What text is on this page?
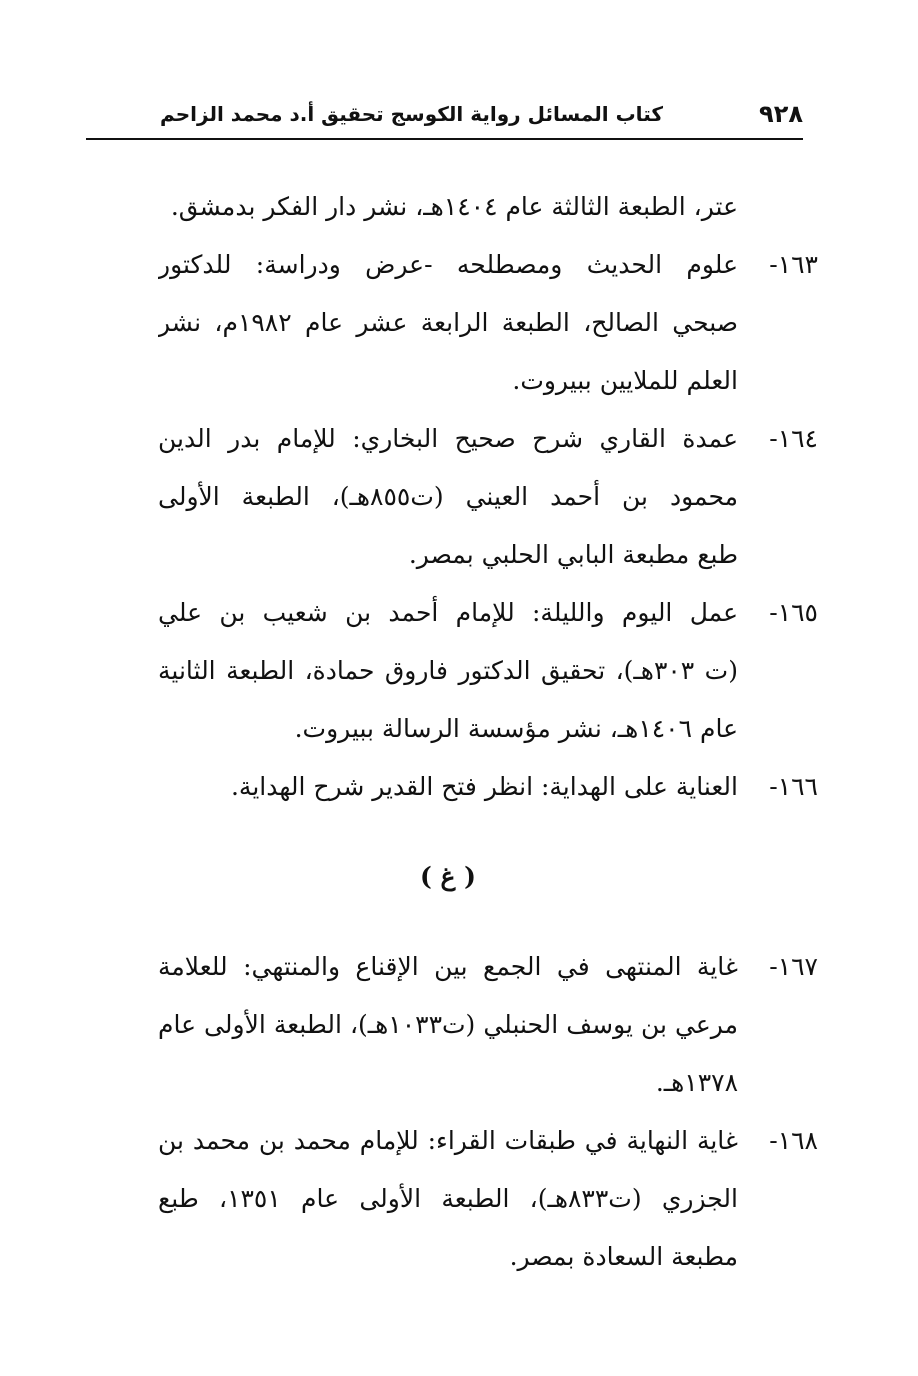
٩٢٨
كتاب المسائل رواية الكوسج تحقيق أ.د محمد الزاحم
عتر، الطبعة الثالثة عام ١٤٠٤هـ، نشر دار الفكر بدمشق.
١٦٣-
علوم الحديث ومصطلحه -عرض ودراسة: للدكتور
صبحي الصالح، الطبعة الرابعة عشر عام ١٩٨٢م، نشر
العلم للملايين ببيروت.
١٦٤-
عمدة القاري شرح صحيح البخاري: للإمام بدر الدين
محمود بن أحمد العيني (ت٨٥٥هـ)، الطبعة الأولى
طبع مطبعة البابي الحلبي بمصر.
١٦٥-
عمل اليوم والليلة: للإمام أحمد بن شعيب بن علي
(ت ٣٠٣هـ)، تحقيق الدكتور فاروق حمادة، الطبعة الثانية
عام ١٤٠٦هـ، نشر مؤسسة الرسالة ببيروت.
١٦٦-
العناية على الهداية: انظر فتح القدير شرح الهداية.
( غ )
١٦٧-
غاية المنتهى في الجمع بين الإقناع والمنتهي: للعلامة
مرعي بن يوسف الحنبلي (ت١٠٣٣هـ)، الطبعة الأولى عام
١٣٧٨هـ.
١٦٨-
غاية النهاية في طبقات القراء: للإمام محمد بن محمد بن
الجزري (ت٨٣٣هـ)، الطبعة الأولى عام ١٣٥١، طبع
مطبعة السعادة بمصر.
